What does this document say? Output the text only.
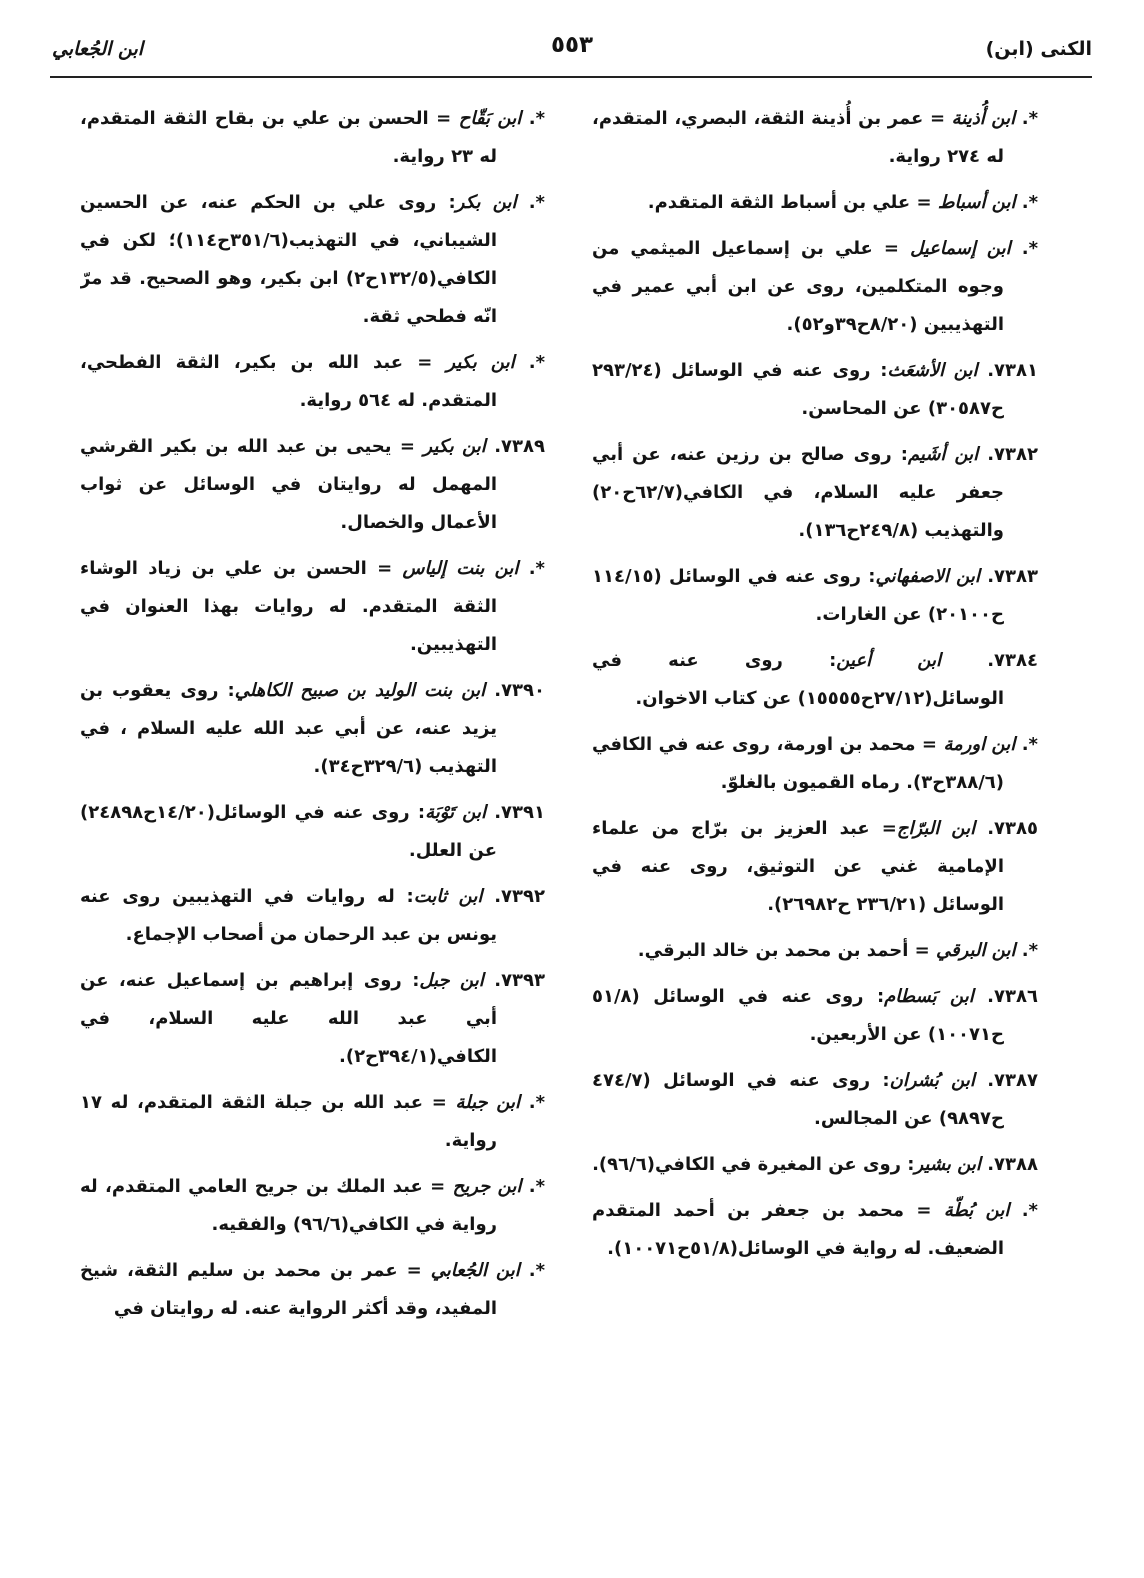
الكنى (ابن)
٥٥٣
ابن الجُعابي

*. ابن أُذينة = عمر بن أُذينة الثقة، البصري، المتقدم، له ٢٧٤ رواية.

*. ابن أسباط = علي بن أسباط الثقة المتقدم.

*. ابن إسماعيل = علي بن إسماعيل الميثمي من وجوه المتكلمين، روى عن ابن أبي عمير في التهذيبين (٨/٢٠ح٣٩و٥٢).

٧٣٨١. ابن الأشعَث: روى عنه في الوسائل (٢٩٣/٢٤ ح٣٠٥٨٧) عن المحاسن.

٧٣٨٢. ابن أشَيم: روى صالح بن رزين عنه، عن أبي جعفر عليه السلام، في الكافي(٦٢/٧ح٢٠) والتهذيب (٢٤٩/٨ح١٣٦).

٧٣٨٣. ابن الاصفهاني: روى عنه في الوسائل (١١٤/١٥ ح٢٠١٠٠) عن الغارات.

٧٣٨٤. ابن أعين: روى عنه في الوسائل(٢٧/١٢ح١٥٥٥٥) عن كتاب الاخوان.

*. ابن اورمة = محمد بن اورمة، روى عنه في الكافي (٣٨٨/٦ح٣). رماه القميون بالغلوّ.

٧٣٨٥. ابن البرّاج= عبد العزيز بن برّاج من علماء الإمامية غني عن التوثيق، روى عنه في الوسائل (٢٣٦/٢١ ح٢٦٩٨٢).

*. ابن البرقي = أحمد بن محمد بن خالد البرقي.

٧٣٨٦. ابن بَسطام: روى عنه في الوسائل (٥١/٨ ح١٠٠٧١) عن الأربعين.

٧٣٨٧. ابن بُشران: روى عنه في الوسائل (٤٧٤/٧ ح٩٨٩٧) عن المجالس.

٧٣٨٨. ابن بشير: روى عن المغيرة في الكافي(٩٦/٦).

*. ابن بُطّة = محمد بن جعفر بن أحمد المتقدم الضعيف. له رواية في الوسائل(٥١/٨ح١٠٠٧١).

*. ابن بَقّاح = الحسن بن علي بن بقاح الثقة المتقدم، له ٢٣ رواية.

*. ابن بكر: روى علي بن الحكم عنه، عن الحسين الشيباني، في التهذيب(٣٥١/٦ح١١٤)؛ لكن في الكافي(١٣٢/٥ح٢) ابن بكير، وهو الصحيح. قد مرّ انّه فطحي ثقة.

*. ابن بكير = عبد الله بن بكير، الثقة الفطحي، المتقدم. له ٥٦٤ رواية.

٧٣٨٩. ابن بكير = يحيى بن عبد الله بن بكير القرشي المهمل له روايتان في الوسائل عن ثواب الأعمال والخصال.

*. ابن بنت إلياس = الحسن بن علي بن زياد الوشاء الثقة المتقدم. له روايات بهذا العنوان في التهذيبين.

٧٣٩٠. ابن بنت الوليد بن صبيح الكاهلي: روى يعقوب بن يزيد عنه، عن أبي عبد الله عليه السلام ، في التهذيب (٣٢٩/٦ح٣٤).

٧٣٩١. ابن تَوْبَة: روى عنه في الوسائل(١٤/٢٠ح٢٤٨٩٨) عن العلل.

٧٣٩٢. ابن ثابت: له روايات في التهذيبين روى عنه يونس بن عبد الرحمان من أصحاب الإجماع.

٧٣٩٣. ابن جبل: روى إبراهيم بن إسماعيل عنه، عن أبي عبد الله عليه السلام، في الكافي(٣٩٤/١ح٢).

*. ابن جبلة = عبد الله بن جبلة الثقة المتقدم، له ١٧ رواية.

*. ابن جريح = عبد الملك بن جريح العامي المتقدم، له رواية في الكافي(٩٦/٦) والفقيه.

*. ابن الجُعابي = عمر بن محمد بن سليم الثقة، شيخ المفيد، وقد أكثر الرواية عنه. له روايتان في
